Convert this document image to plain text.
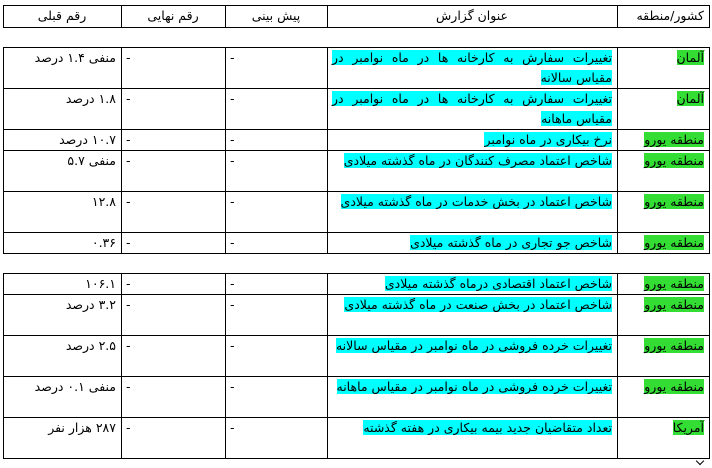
کشور/منطقه	عنوان گزارش	پیش بینی	رقم نهایی	رقم قبلی

آلمان	تغییرات سفارش به کارخانه ها در ماه نوامبر در مقیاس سالانه	-	-	منفی ۱.۴ درصد
آلمان	تغییرات سفارش به کارخانه ها در ماه نوامبر در مقیاس ماهانه	-	-	۱.۸ درصد
منطقه یورو	نرخ بیکاری در ماه نوامبر	-	-	۱۰.۷ درصد
منطقه یورو	شاخص اعتماد مصرف کنندگان در ماه گذشته میلادی	-	-	منفی ۵.۷
منطقه یورو	شاخص اعتماد در بخش خدمات در ماه گذشته میلادی	-	-	۱۲.۸
منطقه یورو	شاخص جو تجاری در ماه گذشته میلادی	-	-	۰.۳۶

منطقه یورو	شاخص اعتماد اقتصادی درماه گذشته میلادی	-	-	۱۰۶.۱
منطقه یورو	شاخص اعتماد در بخش صنعت در ماه گذشته میلادی	-	-	۳.۲ درصد
منطقه یورو	تغییرات خرده فروشی در ماه نوامبر در مقیاس سالانه	-	-	۲.۵ درصد
منطقه یورو	تغییرات خرده فروشی در ماه نوامبر در مقیاس ماهانه	-	-	منفی ۰.۱ درصد
آمریکا	تعداد متقاضیان جدید بیمه بیکاری در هفته گذشته	-	-	۲۸۷ هزار نفر
